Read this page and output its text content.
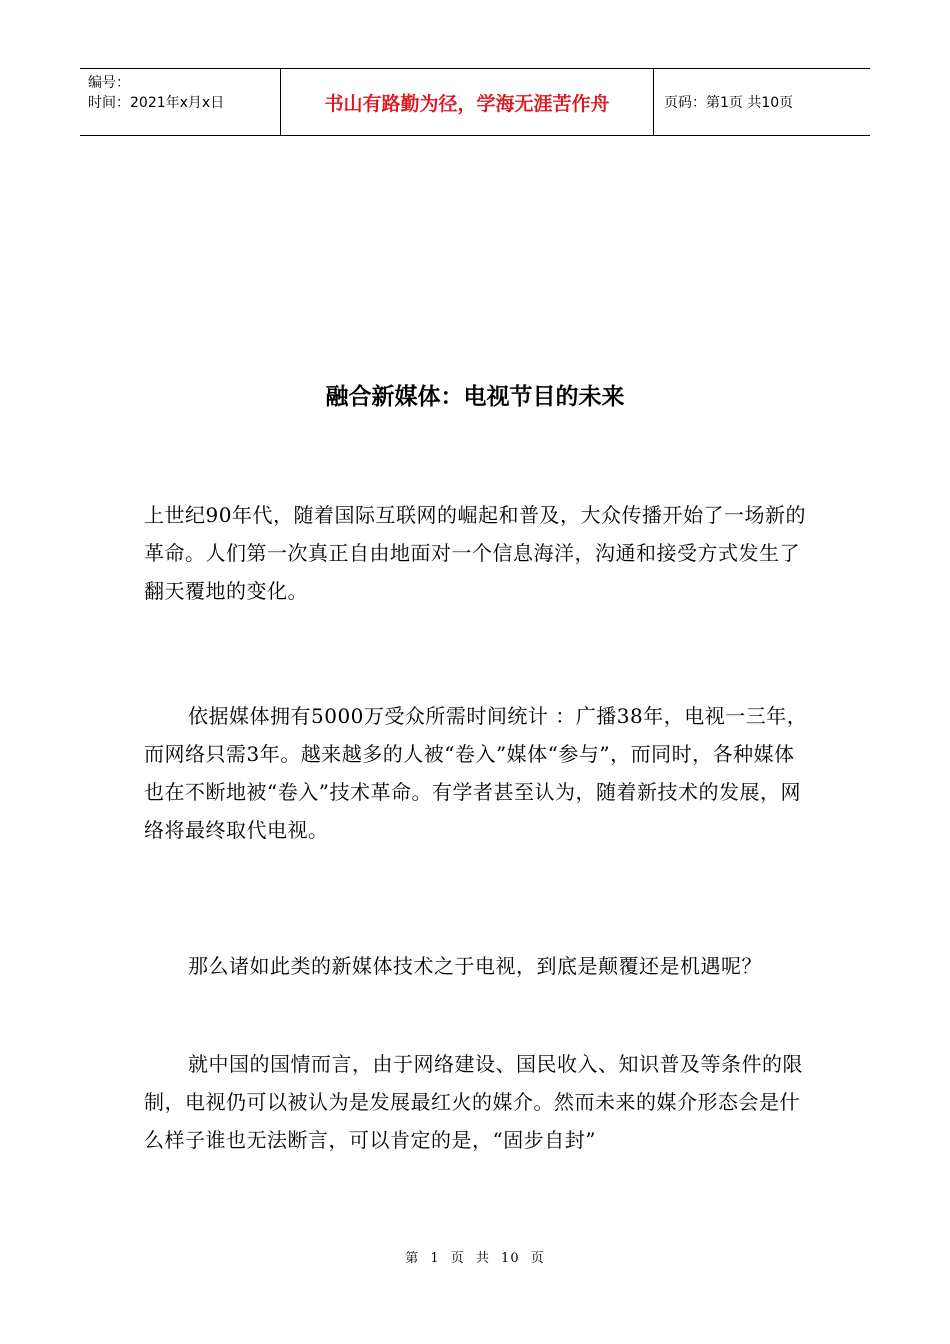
编号：
时间：2021年x月x日	书山有路勤为径，学海无涯苦作舟	页码：第1页 共10页
融合新媒体：电视节目的未来

上世纪90年代，随着国际互联网的崛起和普及，大众传播开始了一场新的革命。人们第一次真正自由地面对一个信息海洋，沟通和接受方式发生了翻天覆地的变化。

依据媒体拥有5000万受众所需时间统计 ：广播38年，电视一三年，而网络只需3年。越来越多的人被“卷入”媒体“参与”，而同时，各种媒体也在不断地被“卷入”技术革命。有学者甚至认为，随着新技术的发展，网络将最终取代电视。

那么诸如此类的新媒体技术之于电视，到底是颠覆还是机遇呢？

就中国的国情而言，由于网络建设、国民收入、知识普及等条件的限制，电视仍可以被认为是发展最红火的媒介。然而未来的媒介形态会是什么样子谁也无法断言，可以肯定的是，“固步自封”

第 1 页 共 10 页
